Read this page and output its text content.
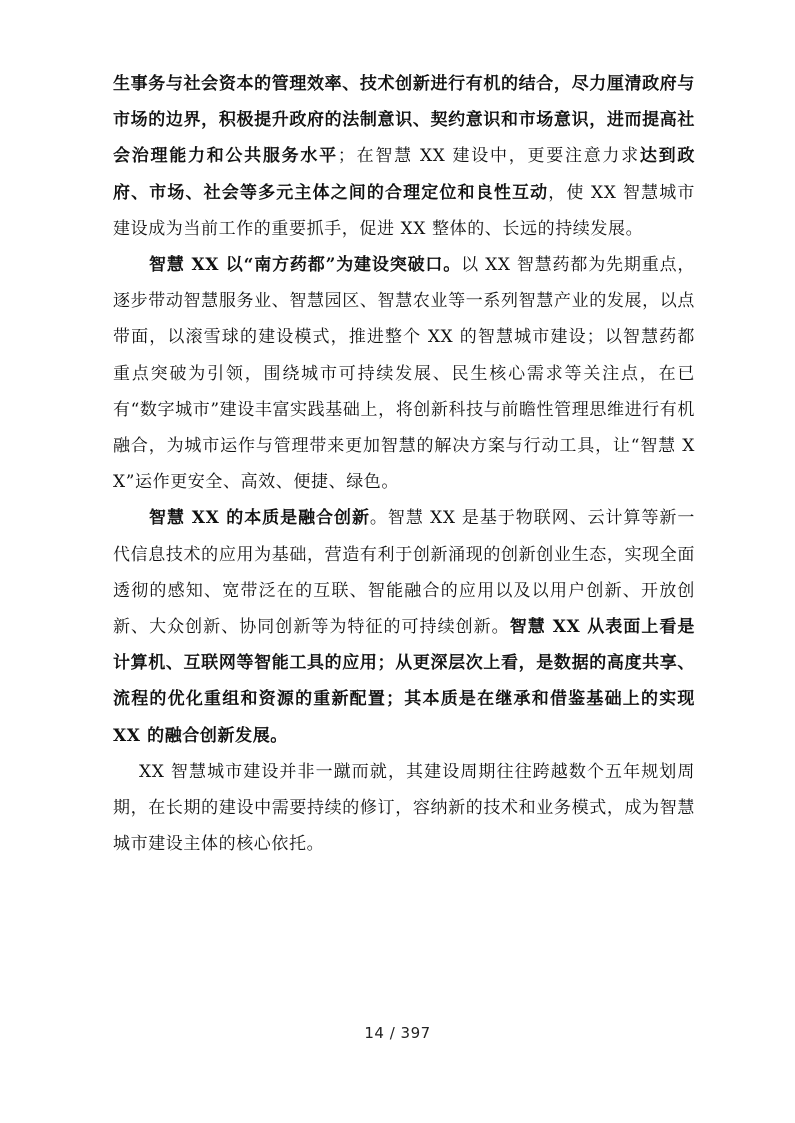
生事务与社会资本的管理效率、技术创新进行有机的结合，尽力厘清政府与市场的边界，积极提升政府的法制意识、契约意识和市场意识，进而提高社会治理能力和公共服务水平；在智慧 XX 建设中，更要注意力求达到政府、市场、社会等多元主体之间的合理定位和良性互动，使 XX 智慧城市建设成为当前工作的重要抓手，促进 XX 整体的、长远的持续发展。

智慧 XX 以“南方药都”为建设突破口。以 XX 智慧药都为先期重点，逐步带动智慧服务业、智慧园区、智慧农业等一系列智慧产业的发展，以点带面，以滚雪球的建设模式，推进整个 XX 的智慧城市建设；以智慧药都重点突破为引领，围绕城市可持续发展、民生核心需求等关注点，在已有“数字城市”建设丰富实践基础上，将创新科技与前瞻性管理思维进行有机融合，为城市运作与管理带来更加智慧的解决方案与行动工具，让“智慧 XX”运作更安全、高效、便捷、绿色。

智慧 XX 的本质是融合创新。智慧 XX 是基于物联网、云计算等新一代信息技术的应用为基础，营造有利于创新涌现的创新创业生态，实现全面透彻的感知、宽带泛在的互联、智能融合的应用以及以用户创新、开放创新、大众创新、协同创新等为特征的可持续创新。智慧 XX 从表面上看是计算机、互联网等智能工具的应用；从更深层次上看，是数据的高度共享、流程的优化重组和资源的重新配置；其本质是在继承和借鉴基础上的实现 XX 的融合创新发展。

XX 智慧城市建设并非一蹴而就，其建设周期往往跨越数个五年规划周期，在长期的建设中需要持续的修订，容纳新的技术和业务模式，成为智慧城市建设主体的核心依托。

14 / 397
